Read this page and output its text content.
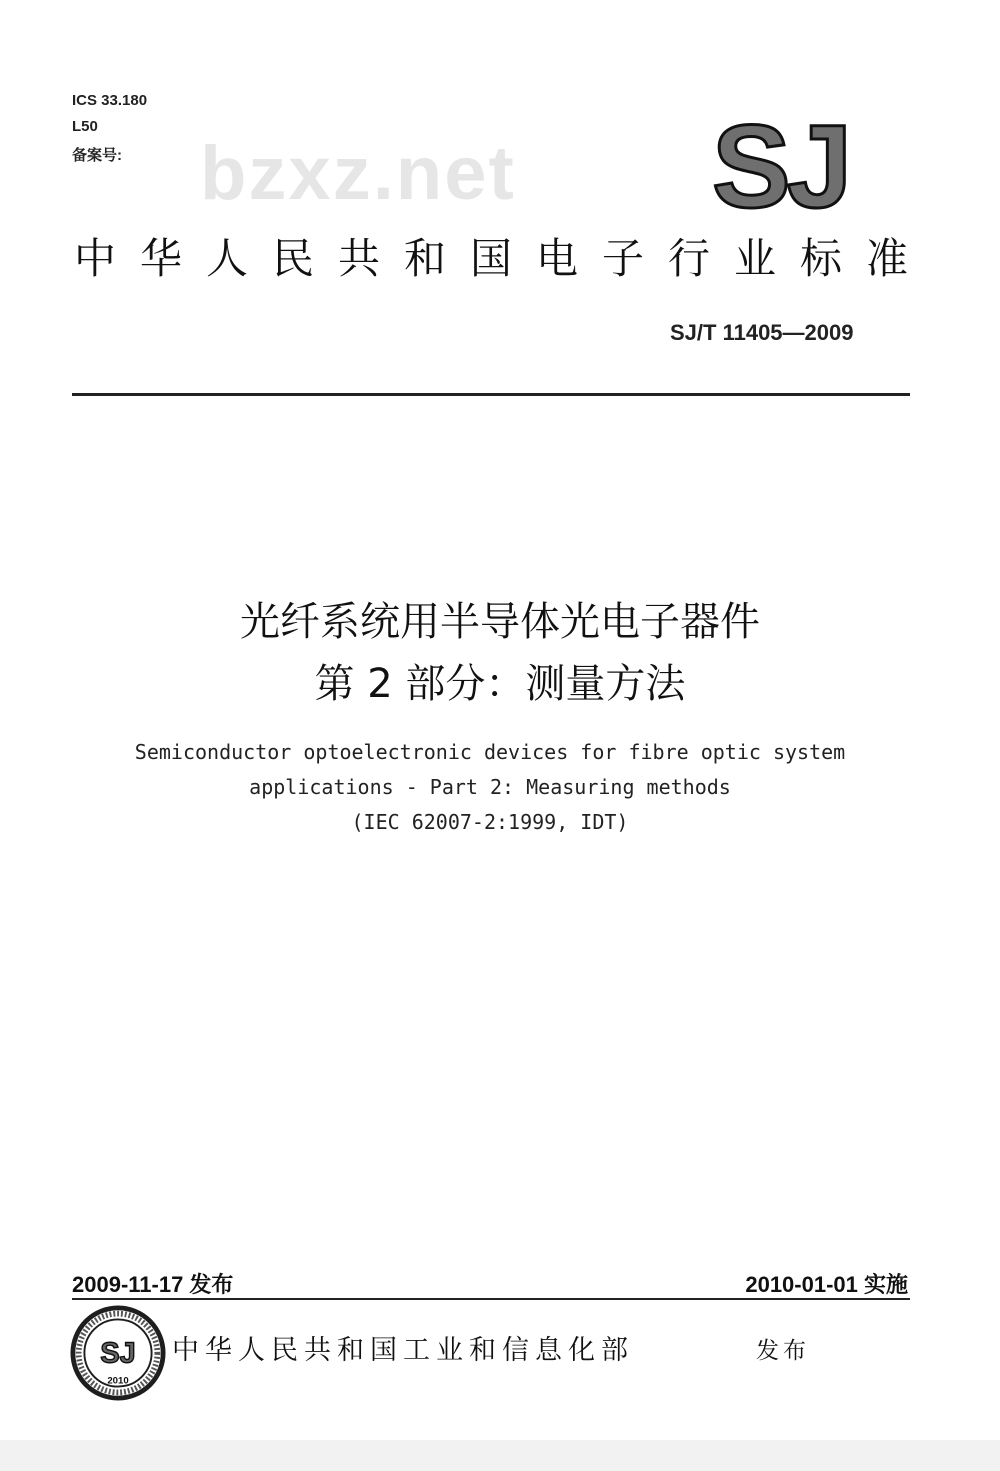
ICS 33.180
L50
备案号: bzxz.net SJ
中华人民共和国电子行业标准
SJ/T 11405—2009
光纤系统用半导体光电子器件
第 2 部分：测量方法
Semiconductor optoelectronic devices for fibre optic system
applications - Part 2: Measuring methods
(IEC 62007-2:1999, IDT)
2009-11-17 发布	2010-01-01 实施
SJ
2010
中华人民共和国工业和信息化部	发布
